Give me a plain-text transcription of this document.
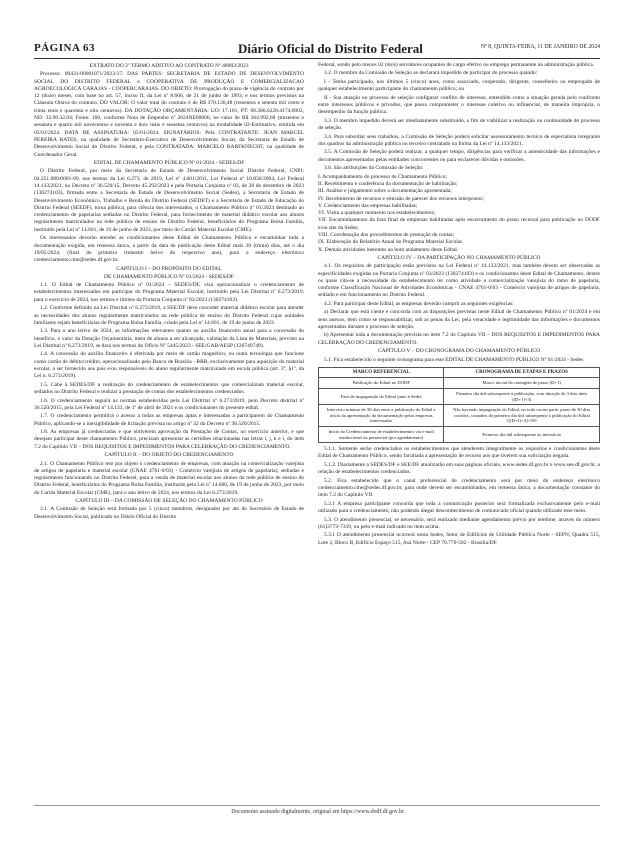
PÁGINA 63	Diário Oficial do Distrito Federal	Nº 8, QUINTA-FEIRA, 11 DE JANEIRO DE 2024

EXTRATO DO 2º TERMO ADITIVO AO CONTRATO Nº 48083/2023

Processo: 00431-00001071/2023-17. DAS PARTES: SECRETARIA DE ESTADO DE DESENVOLVIMENTO SOCIAL DO DISTRITO FEDERAL e COOPERATIVA DE PRODUÇÃO E COMERCIALIZACAO AGROECOLOGICA CARAJAS - COOPERCARAJAS. DO OBJETO: Prorrogação do prazo de vigência do contrato por 12 (doze) meses, com base no art. 57, inciso II, da Lei nº 8.666, de 21 de junho de 1993, e nos termos previstos na Cláusula Oitava do contrato. DO VALOR: O valor total do contrato é de R$ 370.130,48 (trezentos e setenta mil cento e trinta reais e quarenta e oito centavos). DA DOTAÇÃO ORÇAMENTÁRIA: UO: 17.101, PT: 08.306.6228.4174.0002, ND: 33.90.32.04; Fonte: 100, conforme Nota de Empenho nº 2024NE00006, no valor de R$ 364.992,60 (trezentos e sessenta e quatro mil novecentos e noventa e dois reais e sessenta centavos) na modalidade 02-Estimativo, emitida em 05/01/2024. DATA DE ASSINATURA: 05/01/2024. SIGNATÁRIOS: Pela CONTRATANTE: JEAN MARCEL PEREIRA RATES, na qualidade de Secretário-Executivo de Desenvolvimento Social, da Secretaria de Estado de Desenvolvimento Social do Distrito Federal, e pela CONTRATADA: MARCELO BARFKNECHT, na qualidade de Coordenador Geral.

EDITAL DE CHAMAMENTO PÚBLICO Nº 01/2024 - SEDES/DF

O Distrito Federal, por meio da Secretaria de Estado de Desenvolvimento Social Distrito Federal, CNPJ: 04.251.080/0001-09, nos termos da Lei 6.273, de 2019, Lei nº 4.601/2011, Lei Federal nº 10.836/2004, Lei Federal 14.133/2021, no Decreto nº 36.520/15, Decreto 45.292/2023 e pela Portaria Conjunta nº 03, de 28 de dezembro de 2023 (130274103), firmada entre a Secretaria de Estado de Desenvolvimento Social (Sedes), a Secretaria de Estado de Desenvolvimento Econômico, Trabalho e Renda do Distrito Federal (SEDET) e a Secretaria de Estado de Educação do Distrito Federal (SEEDF), torna pública, para ciência dos interessados, o Chamamento Público nº 01/2024 destinado ao credenciamento de papelarias sediadas no Distrito Federal, para fornecimento de material didático escolar aos alunos regularmente matriculados na rede pública de ensino do Distrito Federal, beneficiários do Programa Bolsa Família, instituído pela Lei nº 14.601, de 19 de junho de 2023, por meio do Cartão Material Escolar (CME).

Os interessados deverão atender as condicionantes deste Edital de Chamamento Público e encaminhar toda a documentação exigida, em remessa única, a partir da data de publicação deste Edital mais 30 (trinta) dias, até o dia 19/05/2024, (final do primeiro trimestre letivo do respectivo ano), para o endereço eletrônico credenciamento.cme@sedes.df.gov.br.

CAPÍTULO I – DO PROPÓSITO DO EDITAL

DE CHAMAMENTO PÚBLICO Nº 01/2024 - SEDES/DF

1.1. O Edital de Chamamento Público nº 01/2024 – SEDES/DF, visa operacionalizar o credenciamento de estabelecimentos interessados em participar do Programa Material Escolar, instituído pela Lei Distrital nº 6.273/2019, para o exercício de 2024, nos termos e limites da Portaria Conjunta nº 03/2023 (130274103).

1.2. Conforme definido na Lei Distrital nº 6.273/2019, a SEE/DF deve conceder material didático escolar para atender as necessidades dos alunos regularmente matriculados na rede pública de ensino do Distrito Federal cujas unidades familiares sejam beneficiárias do Programa Bolsa Família, criado pela Lei nº 14.601, de 19 de junho de 2023.

1.3. Para o ano letivo de 2024, as informações relevantes quanto ao auxílio financeiro anual para a concessão do benefício, o valor da Dotação Orçamentária, meta de alunos a ser alcançada, validação da Lista de Materiais, previsto na Lei Distrital nº 6.273/2019, se dará nos termos do Ofício Nº 5445/2023 - SEE/GAB/AESP (126740748).

1.4. A concessão do auxílio financeiro é efetivada por meio de cartão magnético, ou outra tecnologia que funcione como cartão de débito/crédito, operacionalizado pelo Banco de Brasília - BRB, exclusivamente para aquisição do material escolar, a ser fornecido aos pais e/ou responsáveis do aluno regularmente matriculado em escola pública (art. 3º, §1º, da Lei n. 6.273/2019).

1.5. Cabe à SEDES/DF a realização do credenciamento de estabelecimentos que comercializam material escolar, sediados no Distrito Federal e realizar a prestação de contas dos estabelecimentos credenciados.

1.6. O credenciamento seguirá as normas estabelecidas pela Lei Distrital nº 6.273/2019, pelo Decreto distrital nº 36.520/2015, pela Lei Federal nº 14.133, de 1º de abril de 2021 e os condicionantes do presente edital.

1.7. O credenciamento permitirá o acesso a todas as empresas aptas e interessadas a participarem do Chamamento Público, aplicando-se a inexigibilidade de licitação prevista no artigo nº 32 do Decreto nº 36.520/2015.

1.8. As empresas já credenciadas e que obtiverem aprovação da Prestação de Contas, no exercício anterior, e que desejam participar deste chamamento Público, precisam apresentar as certidões relacionadas nas letras i, j, k e l, do item 7.2 do Capítulo VII – DOS REQUISITOS E IMPEDIMENTOS PARA CELEBRAÇÃO DO CREDENCIAMENTO.

CAPÍTULO II – DO OBJETO DO CREDENCIAMENTO

2.1. O Chamamento Público tem por objeto o credenciamento de empresas, com atuação na comercialização varejista de artigos de papelaria e material escolar (CNAE 4761-0/03) - Comércio varejista de artigos de papelaria), sediadas e regularmente funcionando no Distrito Federal, para a venda de material escolar aos alunos da rede pública de ensino do Distrito Federal, beneficiários do Programa Bolsa Família, instituído pela Lei nº 14.600, de 19 de junho de 2023, por meio do Cartão Material Escolar (CME), para o ano letivo de 2024, nos termos da Lei 6.273/2019.

CAPÍTULO III – DA COMISSÃO DE SELEÇÃO DO CHAMAMENTO PÚBLICO

3.1. A Comissão de Seleção será formada por 5 (cinco) membros, designados por ato do Secretário de Estado de Desenvolvimento Social, publicado no Diário Oficial do Distrito

Federal, sendo pelo menos 02 (dois) servidores ocupantes de cargo efetivo ou emprego permanente na administração pública.

3.2. O membro da Comissão de Seleção se declarará impedido de participar do processo quando:

I - Tenha participado, nos últimos 5 (cinco) anos, como associado, cooperado, dirigente, conselheiro ou empregado de qualquer estabelecimento participante do chamamento público; ou

II - Sua atuação no processo de seleção configurar conflito de interesse, entendido como a situação gerada pelo confronto entre interesses públicos e privados, que possa comprometer o interesse coletivo ou influenciar, de maneira imprópria, o desempenho da função pública.

3.3. O membro impedido deverá ser imediatamente substituído, a fim de viabilizar a realização ou continuidade do processo de seleção.

3.4. Para subsidiar seus trabalhos, a Comissão de Seleção poderá solicitar assessoramento técnico de especialista integrante dos quadros da administração pública ou terceiro contratado na forma da Lei nº 14.133/2021.

3.5. A Comissão de Seleção poderá realizar, a qualquer tempo, diligências para verificar a autenticidade das informações e documentos apresentados pelas entidades concorrentes ou para esclarecer dúvidas e omissões.

3.6. São atribuições da Comissão de Seleção:

I. Acompanhamento do processo de Chamamento Público;
II. Recebimento e conferência da documentação de habilitação;
III. Análise e julgamento sobre a documentação apresentada;
IV. Recebimento de recursos e emissão de parecer dos recursos interpostos;
V. Credenciamento das empresas habilitadas;
VI. Visita a qualquer momento nos estabelecimentos;
VII. Encaminhamento da lista final de empresas habilitadas após encerramento do prazo recursal para publicação no DODF e/ou site da Sedes;
VIII. Coordenação dos procedimentos de prestação de contas;
IX. Elaboração do Relatório Anual do Programa Material Escolar.
X. Demais atividades inerentes ao bom andamento deste Edital.

CAPÍTULO IV – DA PARTICIPAÇÃO NO CHAMAMENTO PÚBLICO

4.1. Os requisitos de participação estão previstos na Lei Federal nº 14.133/2021, mas também devem ser observadas as especificidades exigidas na Portaria Conjunta nº 03/2023 (130274103) e os condicionantes deste Edital de Chamamento, dentre os quais cita-se a necessidade do estabelecimento ter como atividade a comercialização varejista do ramo de papelaria, conforme Classificação Nacional de Atividades Econômicas - CNAE 4761-0/03 - Comércio varejista de artigos de papelaria, sediado e em funcionamento no Distrito Federal.

4.2. Para participar deste Edital, as empresas deverão cumprir as seguintes exigências:

a) Declarar que está ciente e concorda com as disposições previstas neste Edital de Chamamento Público nº 01/2024 e em seus anexos, bem como se responsabilizar, sob as penas da Lei, pela veracidade e legitimidade das informações e documentos apresentados durante o processo de seleção.

b) Apresentar toda a documentação prevista no item 7.2 do Capítulo VII – DOS REQUISITOS E IMPEDIMENTOS PARA CELEBRAÇÃO DO CREDENCIAMENTO.

CAPÍTULO V – DO CRONOGRAMA DO CHAMAMENTO PÚBLICO

5.1. Fica estabelecido o seguinte cronograma para este EDITAL DE CHAMAMENTO PÚBLICO Nº 01/2024 - Sedes

MARCO REFERENCIAL	CRONOGRAMA DE ETAPAS E PRAZOS
Publicação do Edital no DODF	Marco inicial da contagem de prazo (D+1)
Fase de impugnação do Edital junto à Sedes	Primeiro dia útil subsequente à publicação, com duração de 3 dias úteis ([D+1]+3)
Intervício mínimo de 30 dias entre a publicação do Edital e início da apresentação da documentação pelas empresas interessadas	Não havendo impugnação do Edital, no todo ou em parte, prazo de 30 dias corridos, contados do primeiro dia útil subsequente à publicação do Edital {[(D+1)+3]+30}
Início do Credenciamento de estabelecimentos via e-mail institucional ou presencial (por agendamento)	Primeiro dia útil subsequente ao interstício

5.1.1. Somente serão credenciados os estabelecimentos que atenderem integralmente os requisitos e condicionantes deste Edital de Chamamento Público, sendo facultada a apresentação de recurso aos que tiverem sua solicitação negada.

5.1.2. Diariamente a SEDES/DF e SEE/DF atualizarão em suas páginas oficiais, www.sedes.df.gov.br e www.see.df.gov.br, a relação de estabelecimentos credenciados.

5.2. Fica estabelecido que o canal preferencial de credenciamento será por meio do endereço eletrônico credenciamento.cme@sedes.df.gov.br, para onde devem ser encaminhados, em remessa única, a documentação constante do item 7.2 do Capítulo VII.

5.2.1 A empresa participante concorda que toda a comunicação posterior será formalizada exclusivamente pelo e-mail utilizado para o credenciamento, não podendo alegar desconhecimento de comunicado oficial quando utilizado esse meio.

5.3. O atendimento presencial, se necessário, será realizado mediante agendamento prévio por telefone, através do número (61)3773-7339, ou pelo e-mail indicado no item acima.

5.3.1 O atendimento presencial ocorrerá nesta Sedes, Setor de Edifícios de Utilidade Pública Norte - SEPN, Quadra 515, Lote 2, Bloco B, Edifício Espaço 515, Asa Norte - CEP 70.770-502 - Brasília/DF.

Documento assinado digitalmente, original em https://www.dodf.df.gov.br.
